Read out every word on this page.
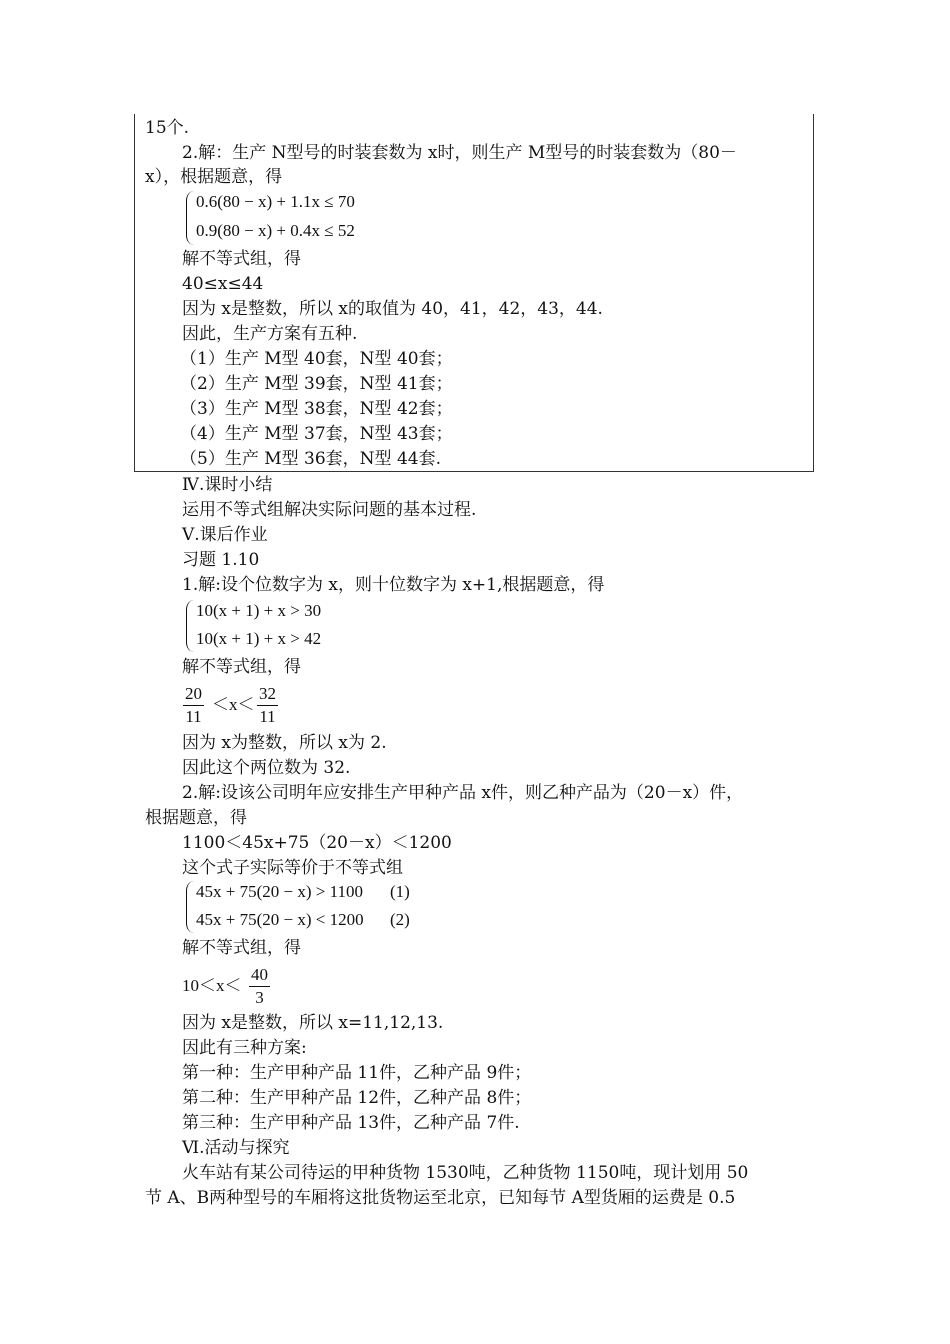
15个.
2.解：生产 N型号的时装套数为 x时，则生产 M型号的时装套数为（80－
x），根据题意，得
0.6(80 − x) + 1.1x ≤ 70
0.9(80 − x) + 0.4x ≤ 52
解不等式组，得
40≤x≤44
因为 x是整数，所以 x的取值为 40，41，42，43，44.
因此，生产方案有五种.
（1）生产 M型 40套，N型 40套；
（2）生产 M型 39套，N型 41套；
（3）生产 M型 38套，N型 42套；
（4）生产 M型 37套，N型 43套；
（5）生产 M型 36套，N型 44套.
Ⅳ.课时小结
运用不等式组解决实际问题的基本过程.
Ⅴ.课后作业
习题 1.10
1.解:设个位数字为 x，则十位数字为 x+1,根据题意，得
10(x + 1) + x > 30
10(x + 1) + x > 42
解不等式组，得
$\frac{20}{11} <x< \frac{32}{11}$
因为 x为整数，所以 x为 2.
因此这个两位数为 32.
2.解:设该公司明年应安排生产甲种产品 x件，则乙种产品为（20－x）件，
根据题意，得
1100＜45x+75（20－x）＜1200
这个式子实际等价于不等式组
45x + 75(20 − x) > 1100
45x + 75(20 − x) < 1200
(1)
(2)
解不等式组，得
$10<x< \frac{40}{3}$
因为 x是整数，所以 x=11,12,13.
因此有三种方案:
第一种：生产甲种产品 11件，乙种产品 9件；
第二种：生产甲种产品 12件，乙种产品 8件；
第三种：生产甲种产品 13件，乙种产品 7件.
Ⅵ.活动与探究
火车站有某公司待运的甲种货物 1530吨，乙种货物 1150吨，现计划用 50
节 A、B两种型号的车厢将这批货物运至北京，已知每节 A型货厢的运费是 0.5
